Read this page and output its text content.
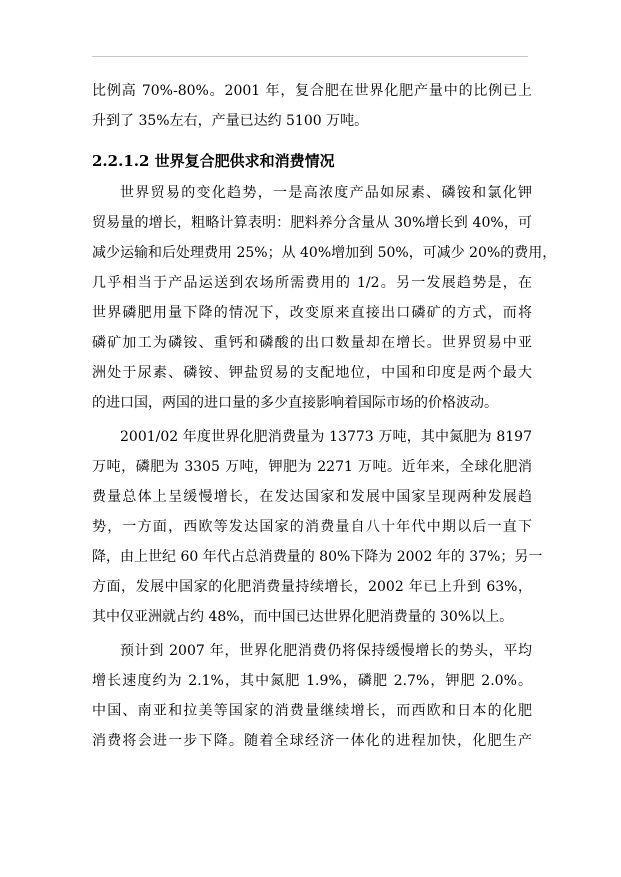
比例高 70%-80%。2001 年，复合肥在世界化肥产量中的比例已上
升到了 35%左右，产量已达约 5100 万吨。
2.2.1.2 世界复合肥供求和消费情况
世界贸易的变化趋势，一是高浓度产品如尿素、磷铵和氯化钾
贸易量的增长，粗略计算表明：肥料养分含量从 30%增长到 40%，可
减少运输和后处理费用 25%；从 40%增加到 50%，可减少 20%的费用，
几乎相当于产品运送到农场所需费用的 1/2。另一发展趋势是，在
世界磷肥用量下降的情况下，改变原来直接出口磷矿的方式，而将
磷矿加工为磷铵、重钙和磷酸的出口数量却在增长。世界贸易中亚
洲处于尿素、磷铵、钾盐贸易的支配地位，中国和印度是两个最大
的进口国，两国的进口量的多少直接影响着国际市场的价格波动。
2001/02 年度世界化肥消费量为 13773 万吨，其中氮肥为 8197
万吨，磷肥为 3305 万吨，钾肥为 2271 万吨。近年来，全球化肥消
费量总体上呈缓慢增长，在发达国家和发展中国家呈现两种发展趋
势，一方面，西欧等发达国家的消费量自八十年代中期以后一直下
降，由上世纪 60 年代占总消费量的 80%下降为 2002 年的 37%；另一
方面，发展中国家的化肥消费量持续增长，2002 年已上升到 63%，
其中仅亚洲就占约 48%，而中国已达世界化肥消费量的 30%以上。
预计到 2007 年，世界化肥消费仍将保持缓慢增长的势头，平均
增长速度约为 2.1%，其中氮肥 1.9%，磷肥 2.7%，钾肥 2.0%。
中国、南亚和拉美等国家的消费量继续增长，而西欧和日本的化肥
消费将会进一步下降。随着全球经济一体化的进程加快，化肥生产
